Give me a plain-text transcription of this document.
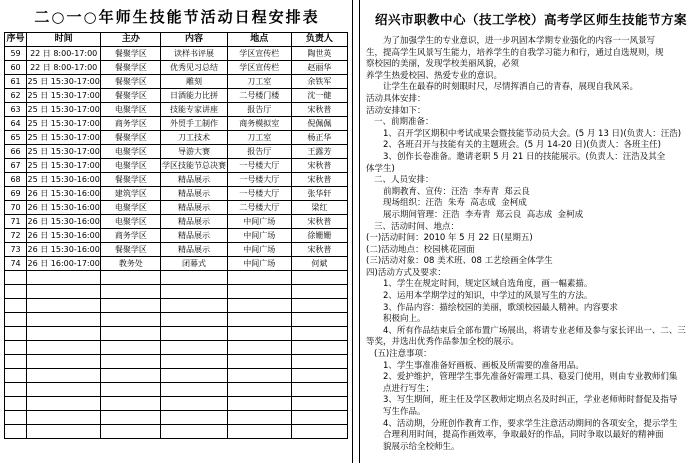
二○一○年师生技能节活动日程安排表
序号	时间	主办	内容	地点	负责人
59	22 日 8:00-17:00	餐聚学区	读样书评展	学区宣传栏	陶世英
60	22 日 8:00-17:00	餐聚学区	优秀见习总结	学区宣传栏	赵丽华
61	25 日 15:30-17:00	餐聚学区	雕刻	刀工室	余铁军
62	25 日 15:30-17:00	餐聚学区	日酒能力比拼	二号楼门楼	沈一健
63	25 日 15:30-17:00	电聚学区	技能专家讲座	报告厅	宋秋普
64	25 日 15:30-17:00	商务学区	外贸手工制作	商务模拟室	倪佩佩
65	25 日 15:30-17:00	餐聚学区	刀工技术	刀工室	杨正华
66	25 日 15:30-17:00	电聚学区	导游大赛	报告厅	王露芳
67	25 日 15:30-17:00	电聚学区	学区技能节总决赛	一号楼大厅	宋秋普
68	25 日 15:30-16:00	餐聚学区	精品展示	一号楼大厅	宋秋普
69	26 日 15:30-16:00	建筑学区	精品展示	一号楼大厅	张华轩
70	26 日 15:30-16:00	电聚学区	精品展示	二号楼大厅	梁红
71	26 日 15:30-16:00	电聚学区	精品展示	中间广场	宋秋普
72	26 日 15:30-16:00	商务学区	精品展示	中间广场	徐姗姗
73	26 日 15:30-16:00	餐聚学区	精品展示	中间广场	宋秋普
74	26 日 16:00-17:00	教务处	闭幕式	中间广场	何斌

绍兴市职教中心（技工学校）高考学区师生技能节方案

为了加强学生的专业意识，进一步巩固本学期专业强化的内容一一风景写

生，提高学生风景写生能力，培养学生的自我学习能力和行，通过自选规则，规

察校园的美丽，发现学校美丽风貌，必须

养学生热爱校园、热爱专业的意识。

让学生在最春的时刻眼时尺，尽情挥洒自己的青春，展现自我风采。

活动具体安排：

活动安排如下：

一、前期准备：

1、召开学区期积中考试成果会暨技能节动员大会。(5 月 13 日)(负责人：汪浩)

2、各班召开与技能有关的主题班会。(5 月 14-20 日)(负责人：各班主任)

3、创作长卷准备。邀请老职 5 月 21 日的技能展示。(负责人：汪浩及其全

体学生)

二、人员安排：

前期教育、宣传：汪浩  李寿青  郑云良

现场组织：汪浩  朱寿  高志成  金柯成

展示期间管理：汪浩  李寿青  郑云良  高志成  金柯成

三、活动时间、地点：

(一)活动时间：2010 年 5 月 22 日(星期五)

(二)活动地点：校园桃花园面

(三)活动对象：08 美术班、08 工艺绘画全体学生

四)活动方式及要求：

1、学生在规定时间，规定区域自选角度，画一幅素描。

2、运用本学期学过的知识，中学过的风景写生的方法。

3、作品内容：描绘校园的美丽，歌颂校园最人精神。内容要求

积极向上。

4、所有作品结束后全部布置广场展出，将请专业老师及参与家长评出一、二、三

等奖，并选出优秀作品参加全校的展示。

(五)注意事项：

1、学生事准准备好画板、画板及所需要的准备用品。

2、爱护维护，管理学生事先准备好需理工具、稳妥门使用，则由专业教师们集

点进行写生；

3、写生期间，班主任及学区教师定期点名及时纠正，学业老师师时督促及指导

写生作品。

4、活动期，分班创作教育工作，要求学生注意活动期间的各项安全，提示学生

合理利用时间，提高作画效率，争取最好的作品，同时争取以最好的精神面

貌展示给全校师生。
